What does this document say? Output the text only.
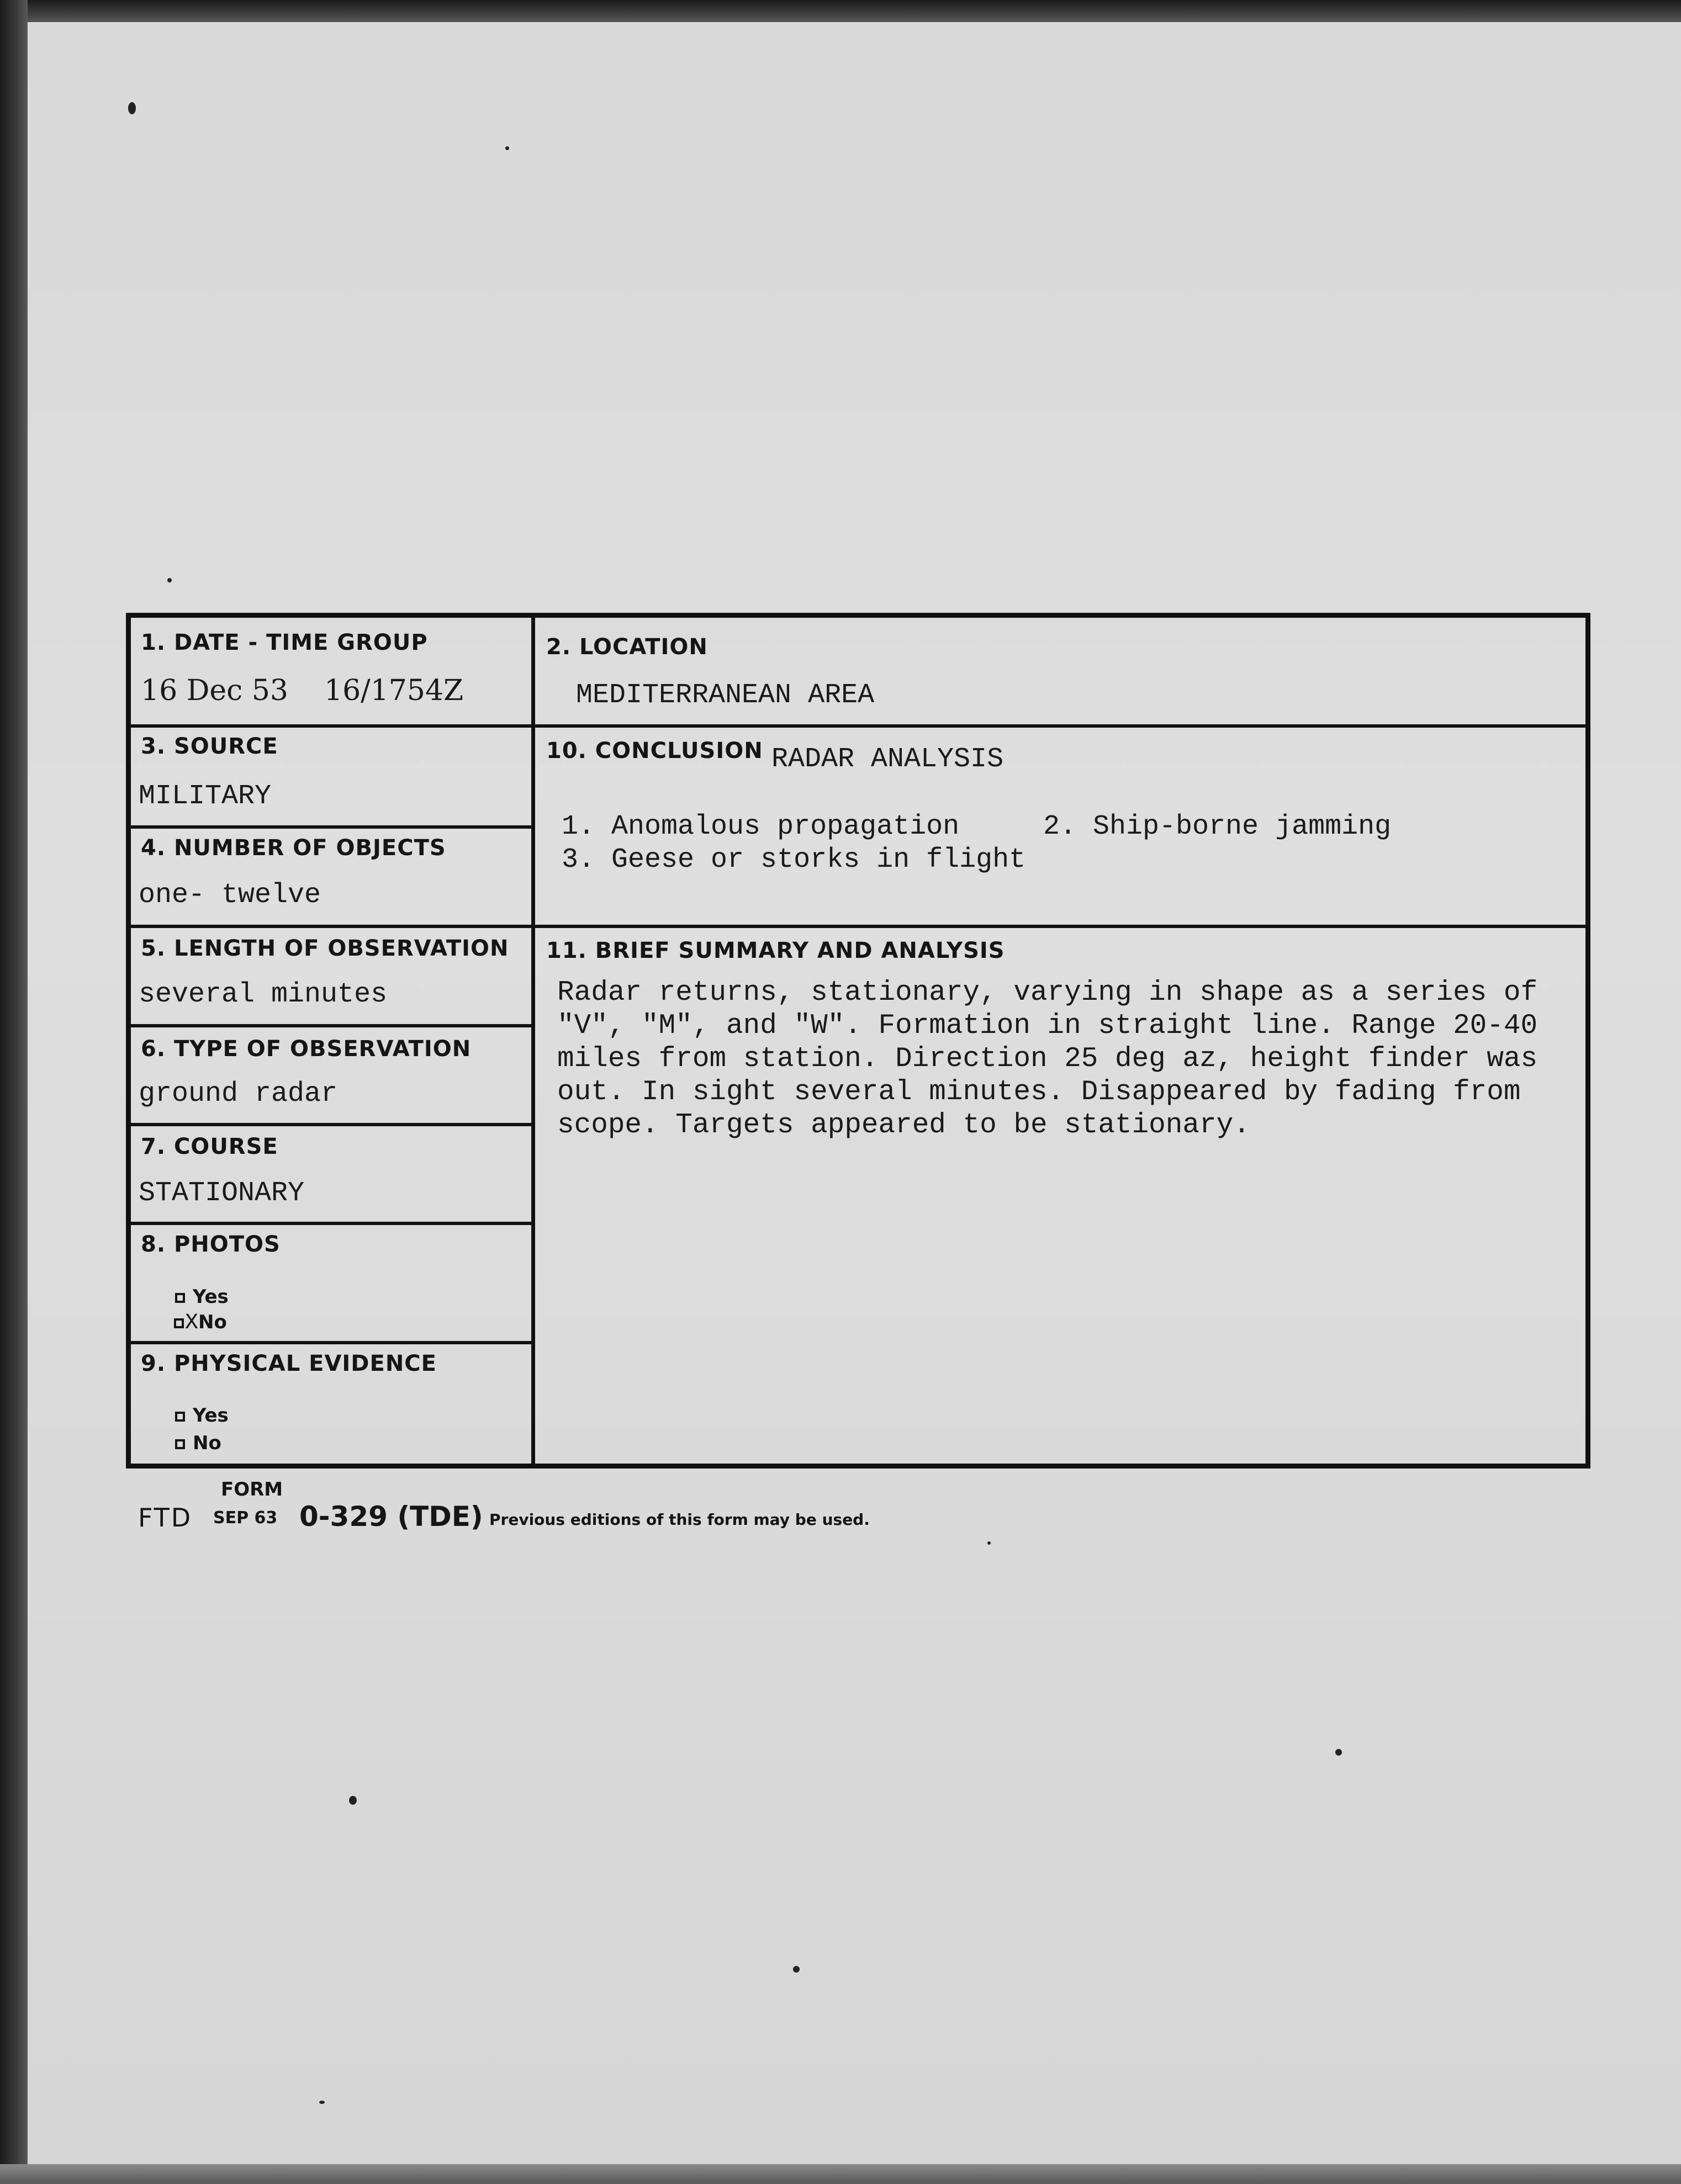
1. DATE - TIME GROUP
16 Dec 53 16/1754Z
2. LOCATION
MEDITERRANEAN AREA
3. SOURCE
MILITARY
4. NUMBER OF OBJECTS
one- twelve
10. CONCLUSION RADAR ANALYSIS
1. Anomalous propagation	2. Ship-borne jamming
3. Geese or storks in flight
5. LENGTH OF OBSERVATION
several minutes
11. BRIEF SUMMARY AND ANALYSIS
Radar returns, stationary, varying in shape as a series of
"V", "M", and "W". Formation in straight line. Range 20-40
miles from station. Direction 25 deg az, height finder was
out. In sight several minutes. Disappeared by fading from
scope. Targets appeared to be stationary.
6. TYPE OF OBSERVATION
ground radar
7. COURSE
STATIONARY
8. PHOTOS
Yes
XNo
9. PHYSICAL EVIDENCE
Yes
No
FORM
FTD SEP 63 0-329 (TDE) Previous editions of this form may be used.
